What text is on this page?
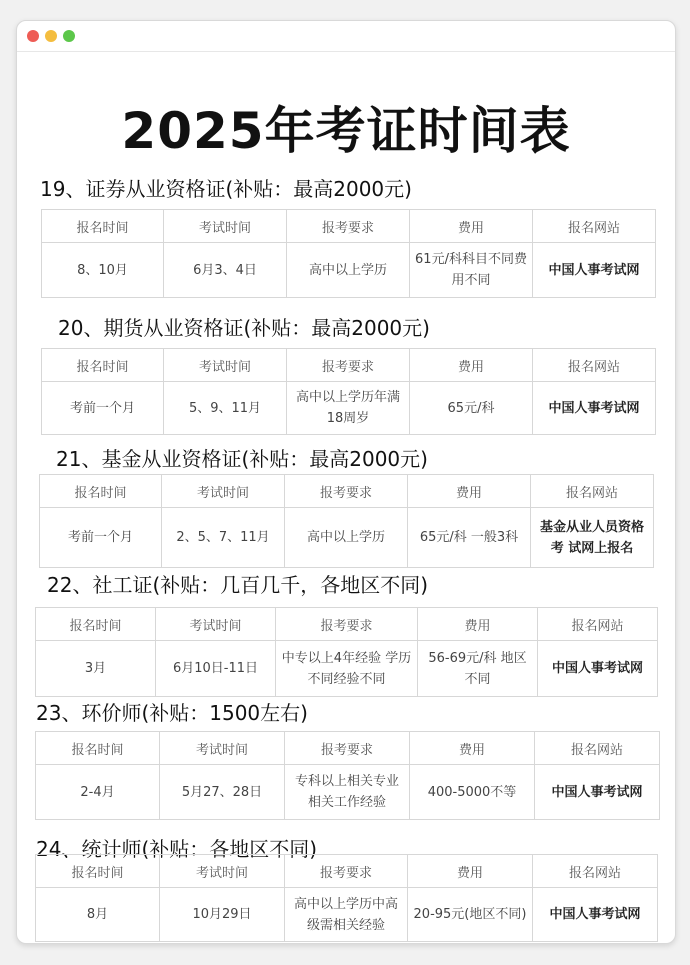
2025年考证时间表
19、证券从业资格证(补贴：最高2000元)
报名时间	考试时间	报考要求	费用	报名网站
8、10月	6月3、4日	高中以上学历	61元/科科目不同费用不同	中国人事考试网
20、期货从业资格证(补贴：最高2000元)
报名时间	考试时间	报考要求	费用	报名网站
考前一个月	5、9、11月	高中以上学历年满18周岁	65元/科	中国人事考试网
21、基金从业资格证(补贴：最高2000元)
报名时间	考试时间	报考要求	费用	报名网站
考前一个月	2、5、7、11月	高中以上学历	65元/科 一般3科	基金从业人员资格考 试网上报名
22、社工证(补贴：几百几千，各地区不同)
报名时间	考试时间	报考要求	费用	报名网站
3月	6月10日-11日	中专以上4年经验 学历不同经验不同	56-69元/科 地区不同	中国人事考试网
23、环价师(补贴：1500左右)
报名时间	考试时间	报考要求	费用	报名网站
2-4月	5月27、28日	专科以上相关专业 相关工作经验	400-5000不等	中国人事考试网
24、统计师(补贴：各地区不同)
报名时间	考试时间	报考要求	费用	报名网站
8月	10月29日	高中以上学历中高级需相关经验	20-95元(地区不同)	中国人事考试网
